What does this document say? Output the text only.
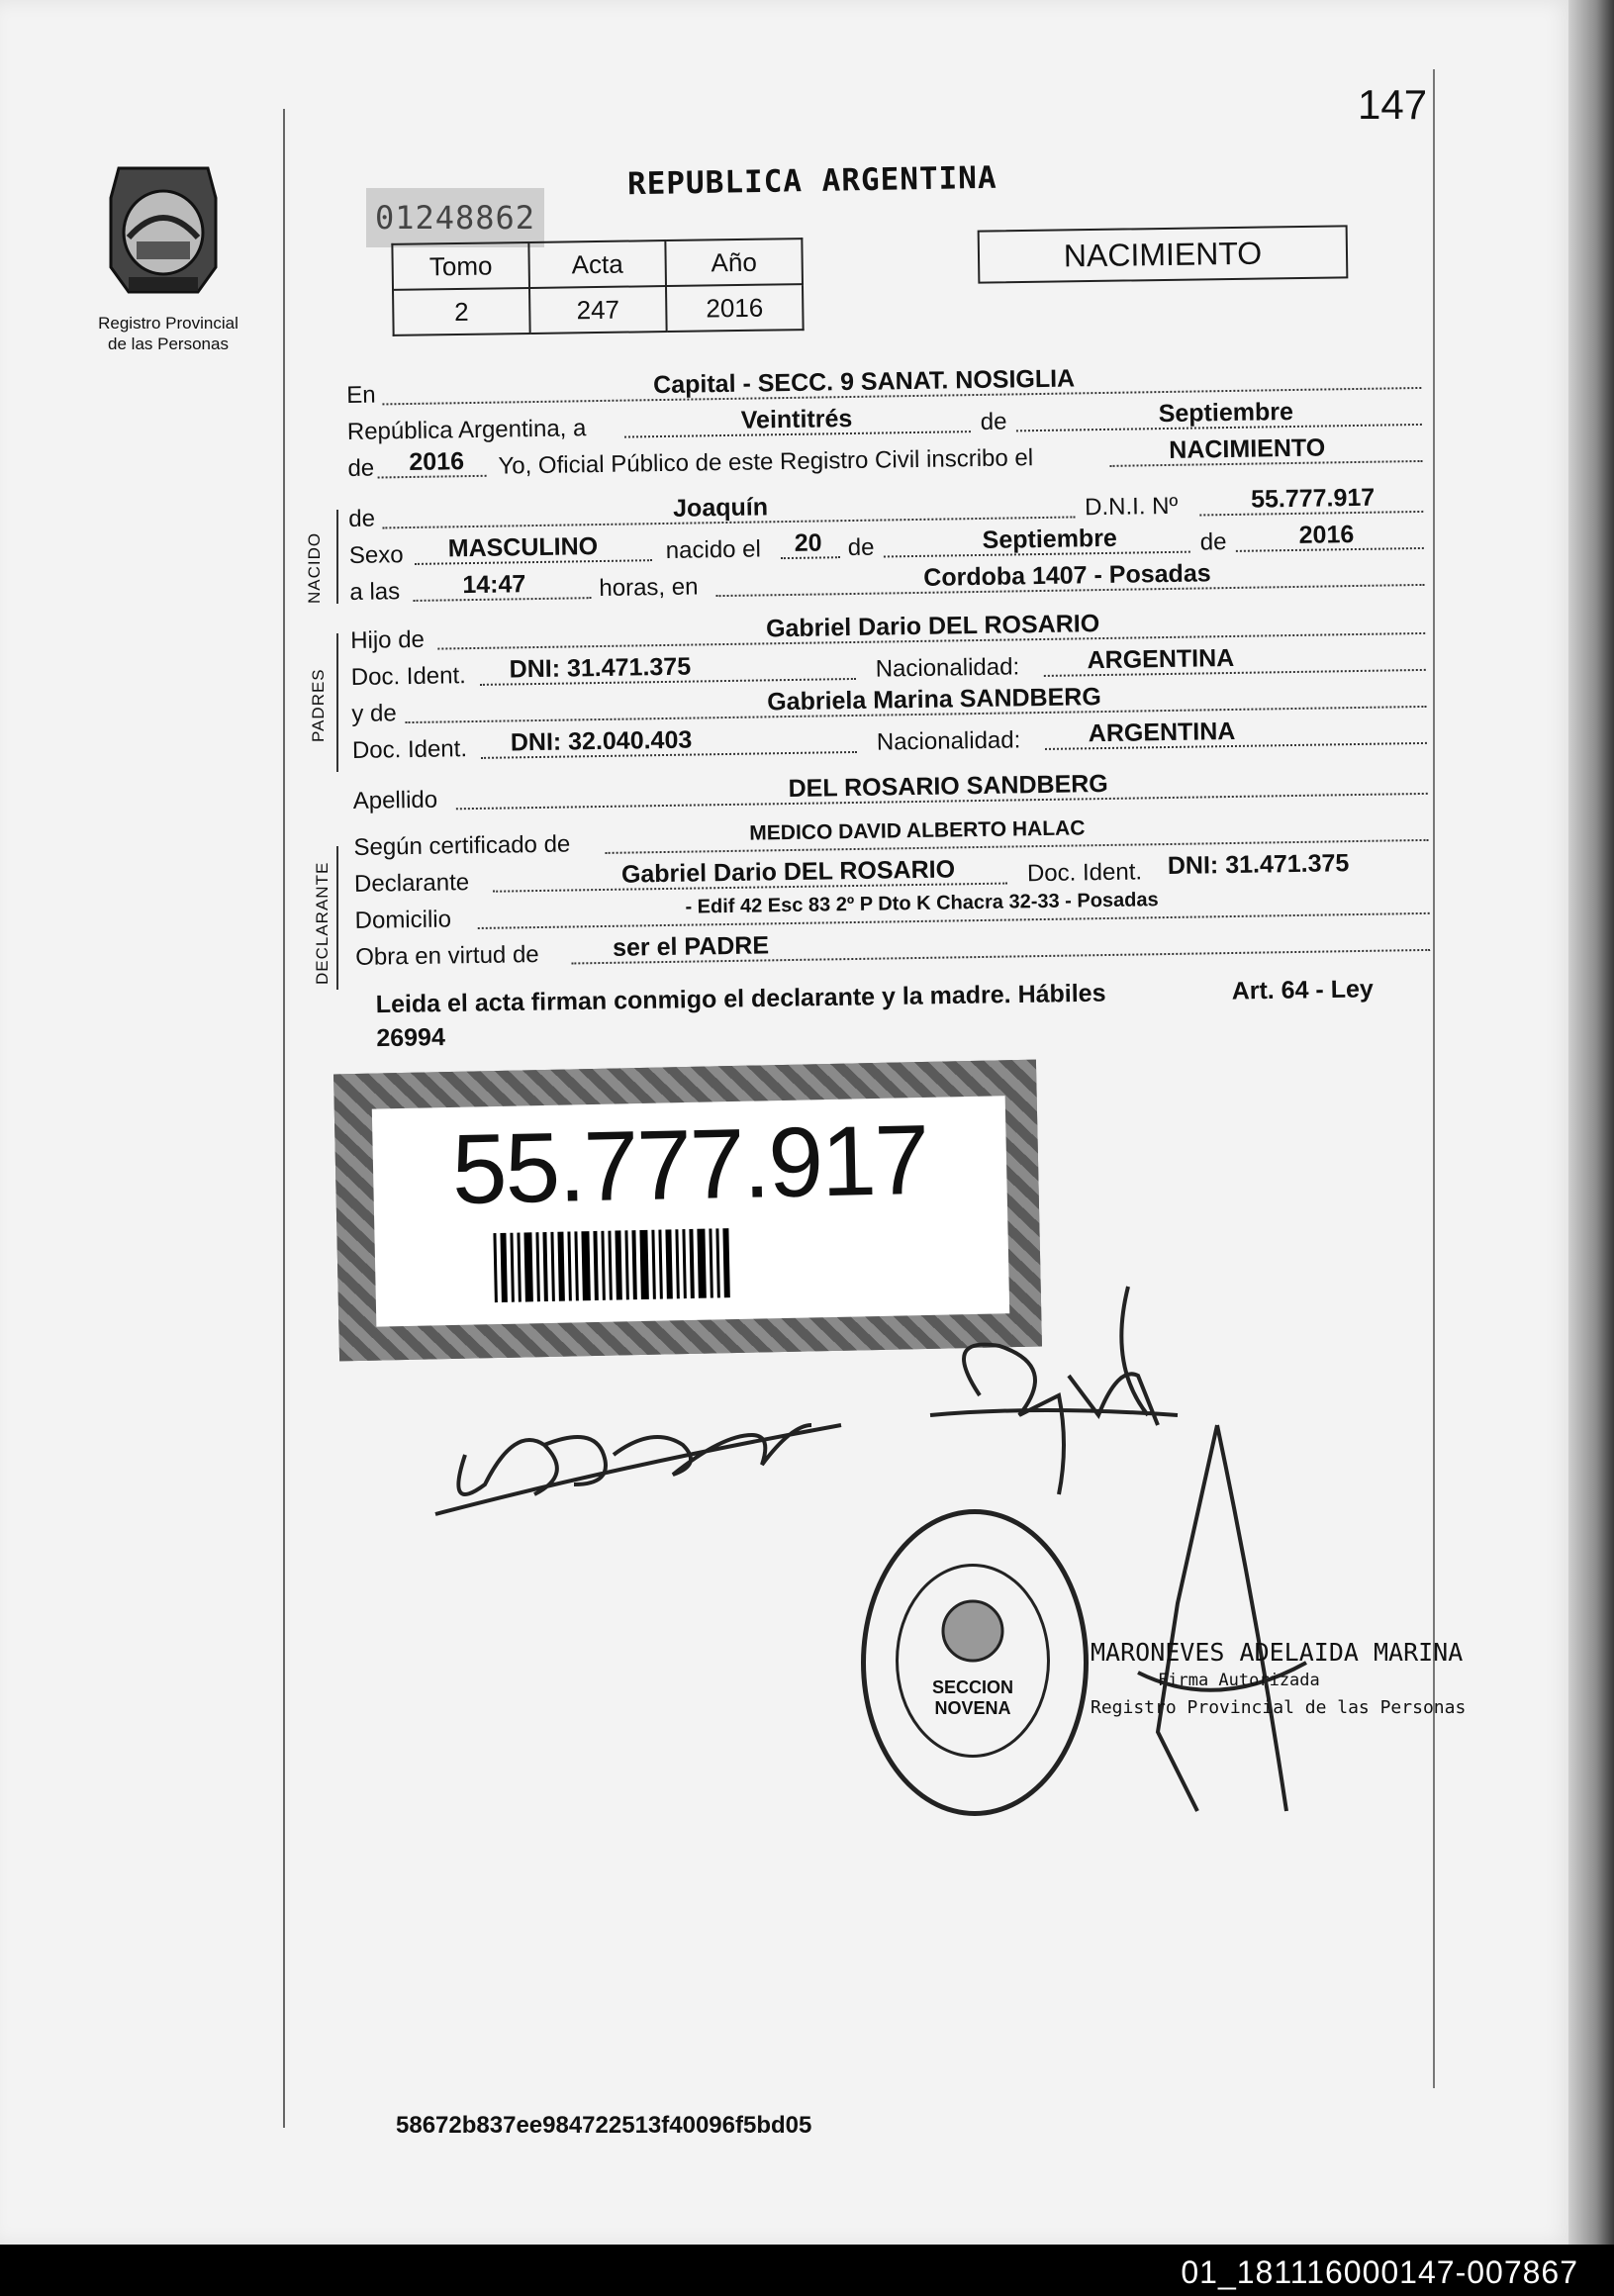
147
Registro Provincial
de las Personas
REPUBLICA ARGENTINA
01248862
Tomo	Acta	Año
2	247	2016
NACIMIENTO
NACIDO
PADRES
DECLARANTE
En	Capital - SECC. 9 SANAT. NOSIGLIA
República Argentina, a	Veintitrés	de	Septiembre
de 2016 Yo, Oficial Público de este Registro Civil inscribo el	NACIMIENTO
de	Joaquín	D.N.I. Nº	55.777.917
Sexo MASCULINO	nacido el 20 de	Septiembre	de	2016
a las	14:47	horas, en	Cordoba 1407 - Posadas
Hijo de	Gabriel Dario DEL ROSARIO
Doc. Ident. DNI: 31.471.375	Nacionalidad:	ARGENTINA
y de	Gabriela Marina SANDBERG
Doc. Ident. DNI: 32.040.403	Nacionalidad:	ARGENTINA
Apellido	DEL ROSARIO SANDBERG
Según certificado de
MEDICO DAVID ALBERTO HALAC
Declarante	Gabriel Dario DEL ROSARIO	Doc. Ident. DNI: 31.471.375
Domicilio
- Edif 42 Esc 83 2º P Dto K Chacra 32-33 - Posadas
Obra en virtud de	ser el PADRE
Leida el acta firman conmigo el declarante y la madre. Hábiles	Art. 64 - Ley
26994
55.777.917
SECCION NOVENA
MARONEVES ADELAIDA MARINA
Firma Autorizada
Registro Provincial de las Personas
58672b837ee984722513f40096f5bd05
01_181116000147-007867
